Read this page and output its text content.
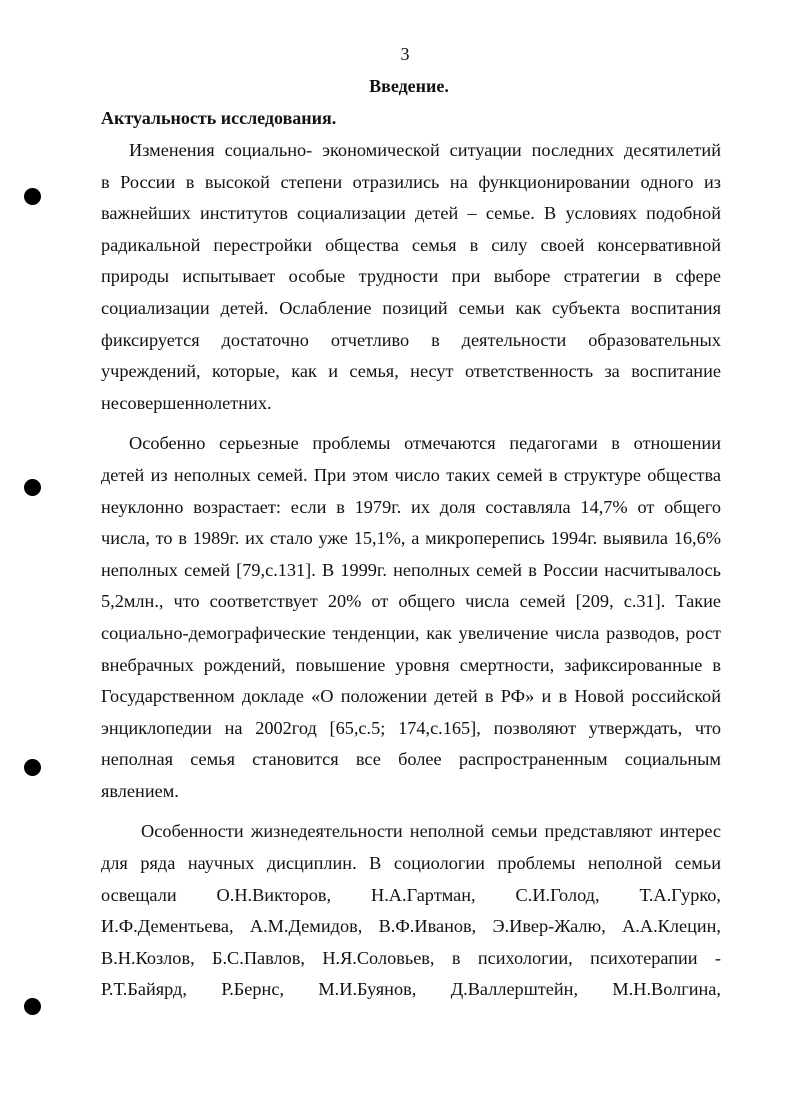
3
Введение.
Актуальность исследования.
Изменения социально- экономической ситуации последних десятилетий
в России в высокой степени отразились на функционировании одного из
важнейших институтов социализации детей – семье. В условиях подобной
радикальной перестройки общества семья в силу своей консервативной
природы испытывает особые трудности при выборе стратегии в сфере
социализации детей. Ослабление позиций семьи как субъекта воспитания
фиксируется достаточно отчетливо в деятельности образовательных
учреждений, которые, как и семья, несут ответственность за воспитание
несовершеннолетних.
Особенно серьезные проблемы отмечаются педагогами в отношении
детей из неполных семей. При этом число таких семей в структуре общества
неуклонно возрастает: если в 1979г. их доля составляла 14,7% от общего
числа, то в 1989г. их стало уже 15,1%, а микроперепись 1994г. выявила 16,6%
неполных семей [79,с.131]. В 1999г. неполных семей в России насчитывалось
5,2млн., что соответствует 20% от общего числа семей [209, с.31]. Такие
социально-демографические тенденции, как увеличение числа разводов, рост
внебрачных рождений, повышение уровня смертности, зафиксированные в
Государственном докладе «О положении детей в РФ» и в Новой российской
энциклопедии на 2002год [65,с.5; 174,с.165], позволяют утверждать, что
неполная семья становится все более распространенным социальным
явлением.
Особенности жизнедеятельности неполной семьи представляют интерес
для ряда научных дисциплин. В социологии проблемы неполной семьи
освещали О.Н.Викторов, Н.А.Гартман, С.И.Голод, Т.А.Гурко,
И.Ф.Дементьева, А.М.Демидов, В.Ф.Иванов, Э.Ивер-Жалю, А.А.Клецин,
В.Н.Козлов, Б.С.Павлов, Н.Я.Соловьев, в психологии, психотерапии -
Р.Т.Байярд, Р.Бернс, М.И.Буянов, Д.Валлерштейн, М.Н.Волгина,
